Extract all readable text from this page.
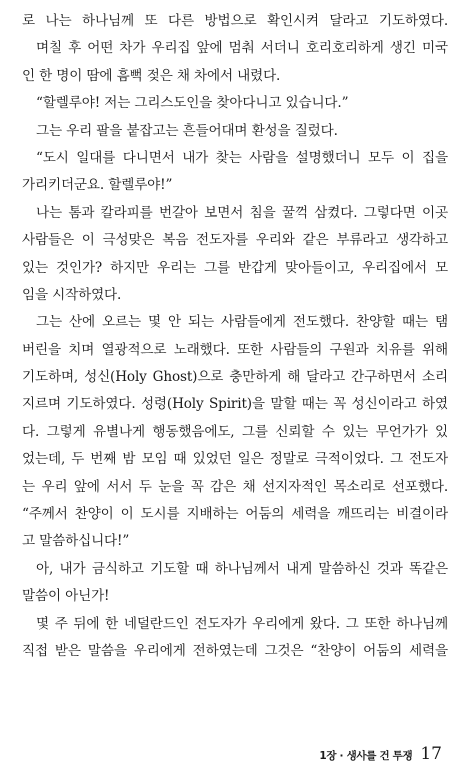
로 나는 하나님께 또 다른 방법으로 확인시켜 달라고 기도하였다.
며칠 후 어떤 차가 우리집 앞에 멈춰 서더니 호리호리하게 생긴 미국
인 한 명이 땀에 흠뻑 젖은 채 차에서 내렸다.
“할렐루야! 저는 그리스도인을 찾아다니고 있습니다.”
그는 우리 팔을 붙잡고는 흔들어대며 환성을 질렀다.
“도시 일대를 다니면서 내가 찾는 사람을 설명했더니 모두 이 집을
가리키더군요. 할렐루야!”
나는 톰과 칼라피를 번갈아 보면서 침을 꿀꺽 삼켰다. 그렇다면 이곳
사람들은 이 극성맞은 복음 전도자를 우리와 같은 부류라고 생각하고
있는 것인가? 하지만 우리는 그를 반갑게 맞아들이고, 우리집에서 모
임을 시작하였다.
그는 산에 오르는 몇 안 되는 사람들에게 전도했다. 찬양할 때는 탬
버린을 치며 열광적으로 노래했다. 또한 사람들의 구원과 치유를 위해
기도하며, 성신(Holy Ghost)으로 충만하게 해 달라고 간구하면서 소리
지르며 기도하였다. 성령(Holy Spirit)을 말할 때는 꼭 성신이라고 하였
다. 그렇게 유별나게 행동했음에도, 그를 신뢰할 수 있는 무언가가 있
었는데, 두 번째 밤 모임 때 있었던 일은 정말로 극적이었다. 그 전도자
는 우리 앞에 서서 두 눈을 꼭 감은 채 선지자적인 목소리로 선포했다.
“주께서 찬양이 이 도시를 지배하는 어둠의 세력을 깨뜨리는 비결이라
고 말씀하십니다!”
아, 내가 금식하고 기도할 때 하나님께서 내게 말씀하신 것과 똑같은
말씀이 아닌가!
몇 주 뒤에 한 네덜란드인 전도자가 우리에게 왔다. 그 또한 하나님께
직접 받은 말씀을 우리에게 전하였는데 그것은 “찬양이 어둠의 세력을
1장 · 생사를 건 투쟁 17
